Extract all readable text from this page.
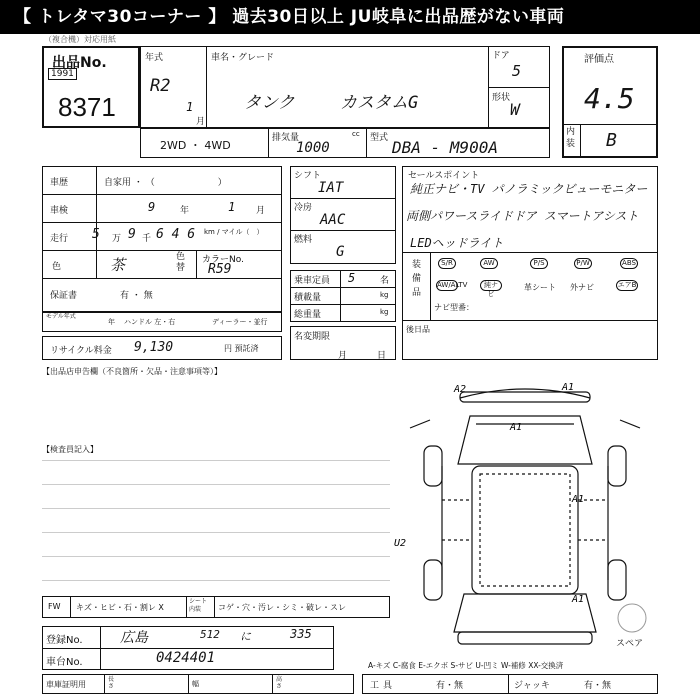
【 トレタマ30コーナー 】 過去30日以上 JU岐阜に出品歴がない車両
（複合機）対応用紙
出品No.
1991
8371
年式
R2
1
月
車名・グレード
タンク	カスタムG
ドア
5
形状
W
評価点
4.5
内装 B
2WD ・ 4WD
排気量	cc
1000
型式 DBA - M900A
車歴	自家用 ・ （　　　　　　　）
車検	9	年	1 月
走行 5 万 9 千 6 4 6 km / マイル（　）
色	茶	色替
カラーNo.
R59
保証書	有 ・ 無
モデル年式
年 ハンドル 左・右	ディーラー・並行
リサイクル料金 9,130	円 預託済
シフト
IAT
冷房
AAC
燃料
G
乗車定員 5	名
積載量	kg
総重量	kg
名変期限
月日
セールスポイント
純正ナビ・TV パノラミックビューモニター
両側パワースライドドア スマートアシスト
LEDヘッドライト
装備品
S/R	AW	P/S	P/W	ABS
AW/ALTV	純ナビ
革シート 外ナビ	エアB
ナビ型番：
後日品
【出品店申告欄（不良箇所・欠品・注意事項等）】
【検査員記入】
A2	A1
A1
A1
U2
A1
スペア
FW キズ・ヒビ・石・割レ X
シート内装	コゲ・穴・汚レ・シミ・破レ・スレ
登録No.	広島	512 に	335
車台No.	0424401	A-キズ C-腐食 E-エクボ S-サビ U-凹ミ W-補修 XX-交換済
車庫証明用
長さ	幅
高さ	工具	有・無	ジャッキ	有・無
